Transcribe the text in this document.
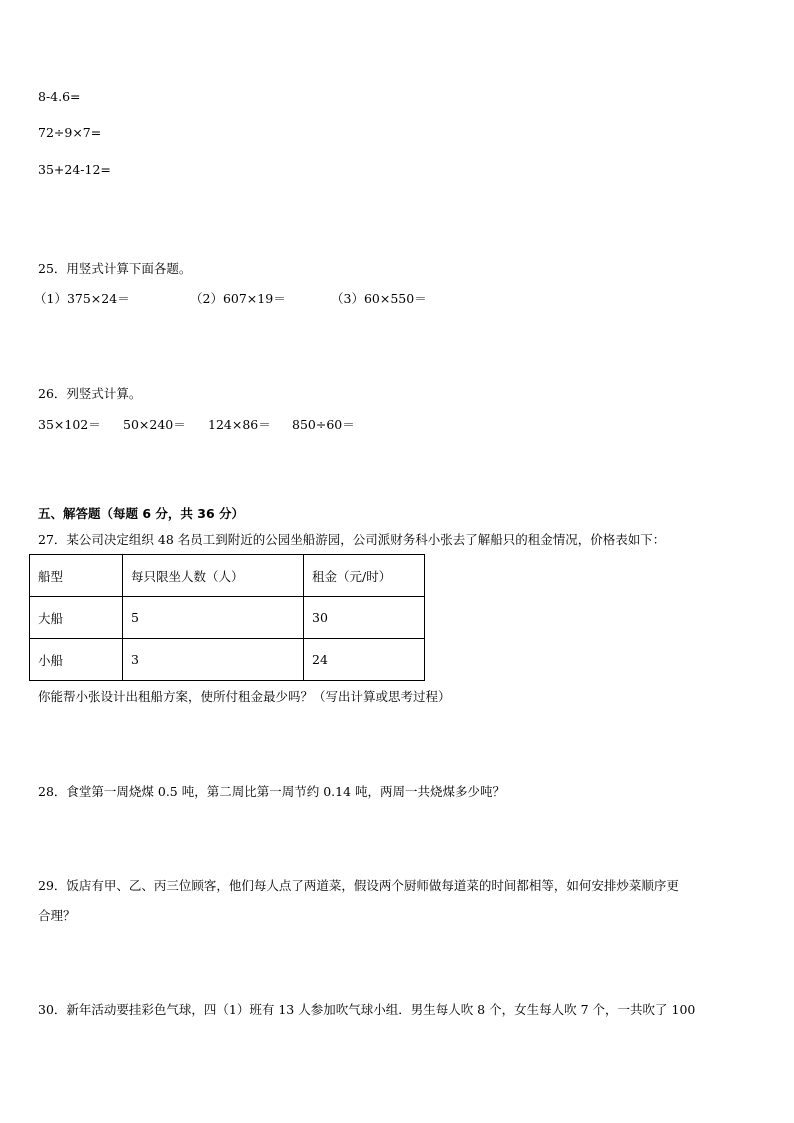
8-4.6=
72÷9×7=
35+24-12=
25．用竖式计算下面各题。
（1）375×24＝	（2）607×19＝	（3）60×550＝
26．列竖式计算。
35×102＝ 50×240＝ 124×86＝ 850÷60＝
五、解答题（每题 6 分，共 36 分）
27．某公司决定组织 48 名员工到附近的公园坐船游园，公司派财务科小张去了解船只的租金情况，价格表如下：
船型	每只限坐人数（人）	租金（元/时）
大船	5	30
小船	3	24
你能帮小张设计出租船方案，使所付租金最少吗？（写出计算或思考过程）
28．食堂第一周烧煤 0.5 吨，第二周比第一周节约 0.14 吨，两周一共烧煤多少吨？
29．饭店有甲、乙、丙三位顾客，他们每人点了两道菜，假设两个厨师做每道菜的时间都相等，如何安排炒菜顺序更
合理？
30．新年活动要挂彩色气球，四（1）班有 13 人参加吹气球小组．男生每人吹 8 个，女生每人吹 7 个，一共吹了 100
